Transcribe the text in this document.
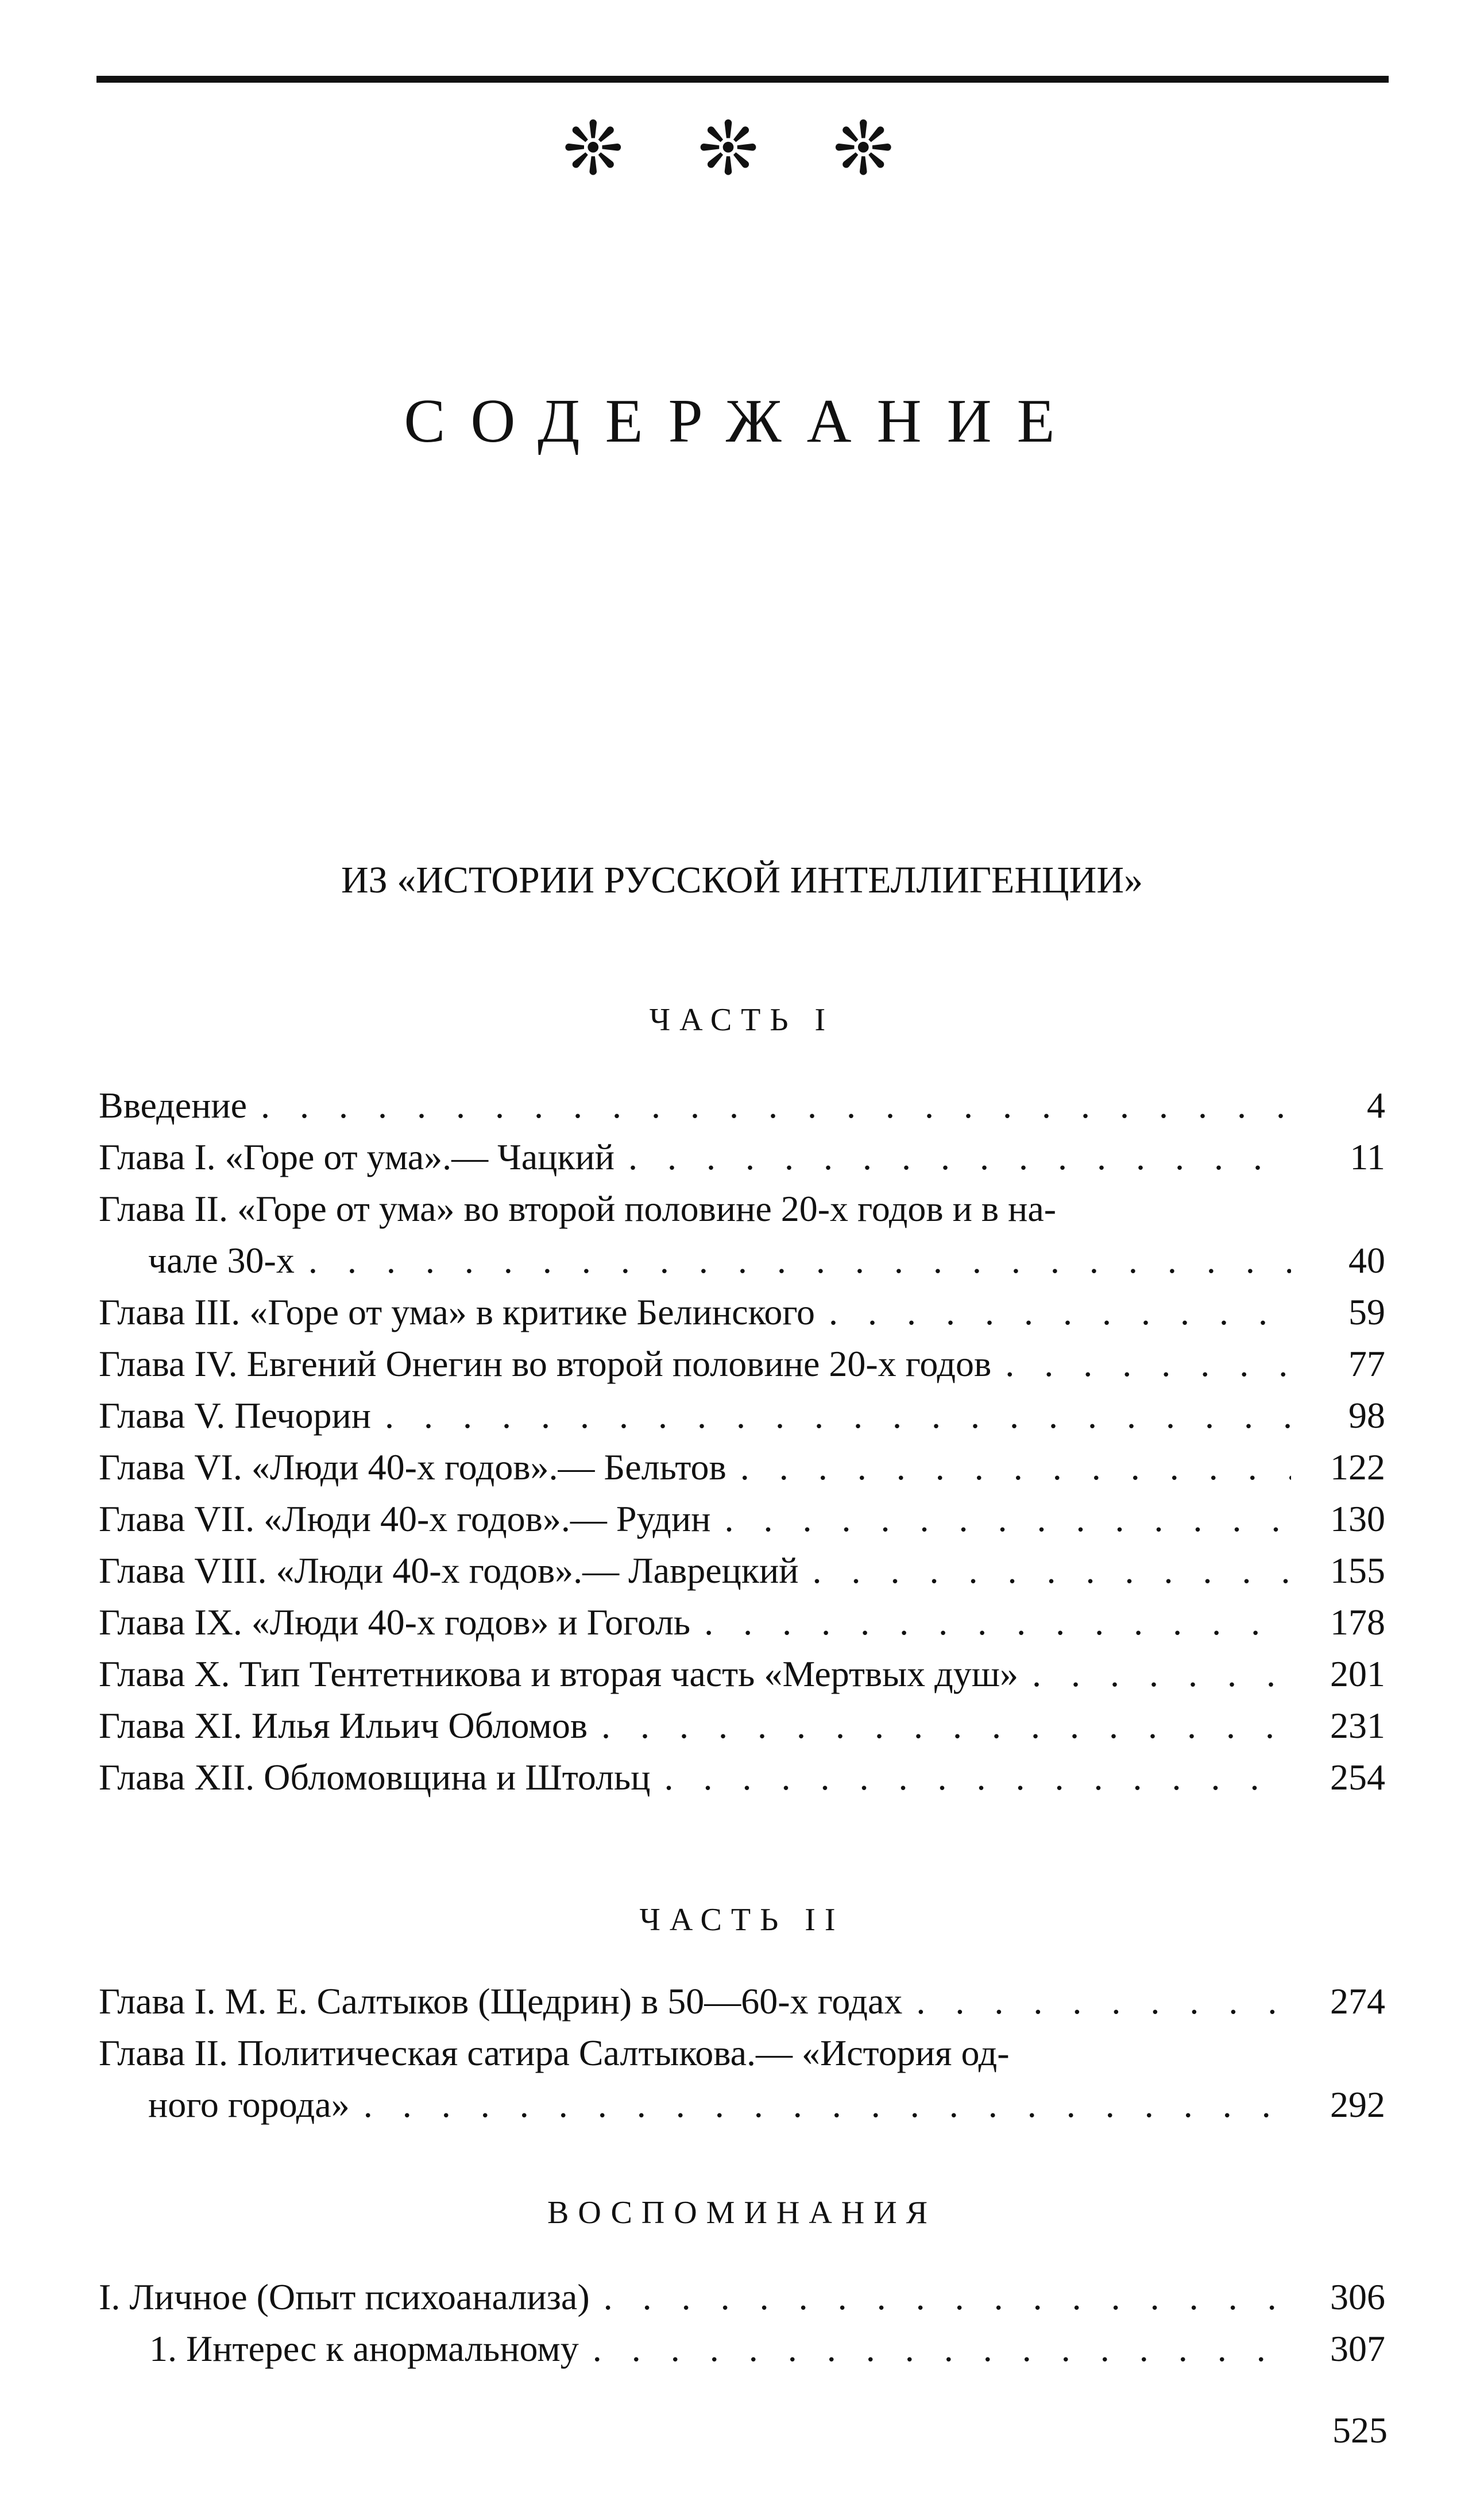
❊ ❊ ❊
СОДЕРЖАНИЕ
ИЗ «ИСТОРИИ РУССКОЙ ИНТЕЛЛИГЕНЦИИ»
ЧАСТЬ I
Введение . . .	4
Глава I. «Горе от ума».— Чацкий . . .	11
Глава II. «Горе от ума» во второй половине 20-х годов и в на-
чале 30-х . . .	40
Глава III. «Горе от ума» в критике Белинского . . .	59
Глава IV. Евгений Онегин во второй половине 20-х годов . . .	77
Глава V. Печорин . . .	98
Глава VI. «Люди 40-х годов».— Бельтов . . .	122
Глава VII. «Люди 40-х годов».— Рудин . . .	130
Глава VIII. «Люди 40-х годов».— Лаврецкий . . .	155
Глава IX. «Люди 40-х годов» и Гоголь . . .	178
Глава X. Тип Тентетникова и вторая часть «Мертвых душ» . . .	201
Глава XI. Илья Ильич Обломов . . .	231
Глава XII. Обломовщина и Штольц . . .	254
ЧАСТЬ II
Глава I. М. Е. Салтыков (Щедрин) в 50—60-х годах . . .	274
Глава II. Политическая сатира Салтыкова.— «История од-
ного города» . . .	292
ВОСПОМИНАНИЯ
I. Личное (Опыт психоанализа) . . .	306
1. Интерес к анормальному . . .	307
525
